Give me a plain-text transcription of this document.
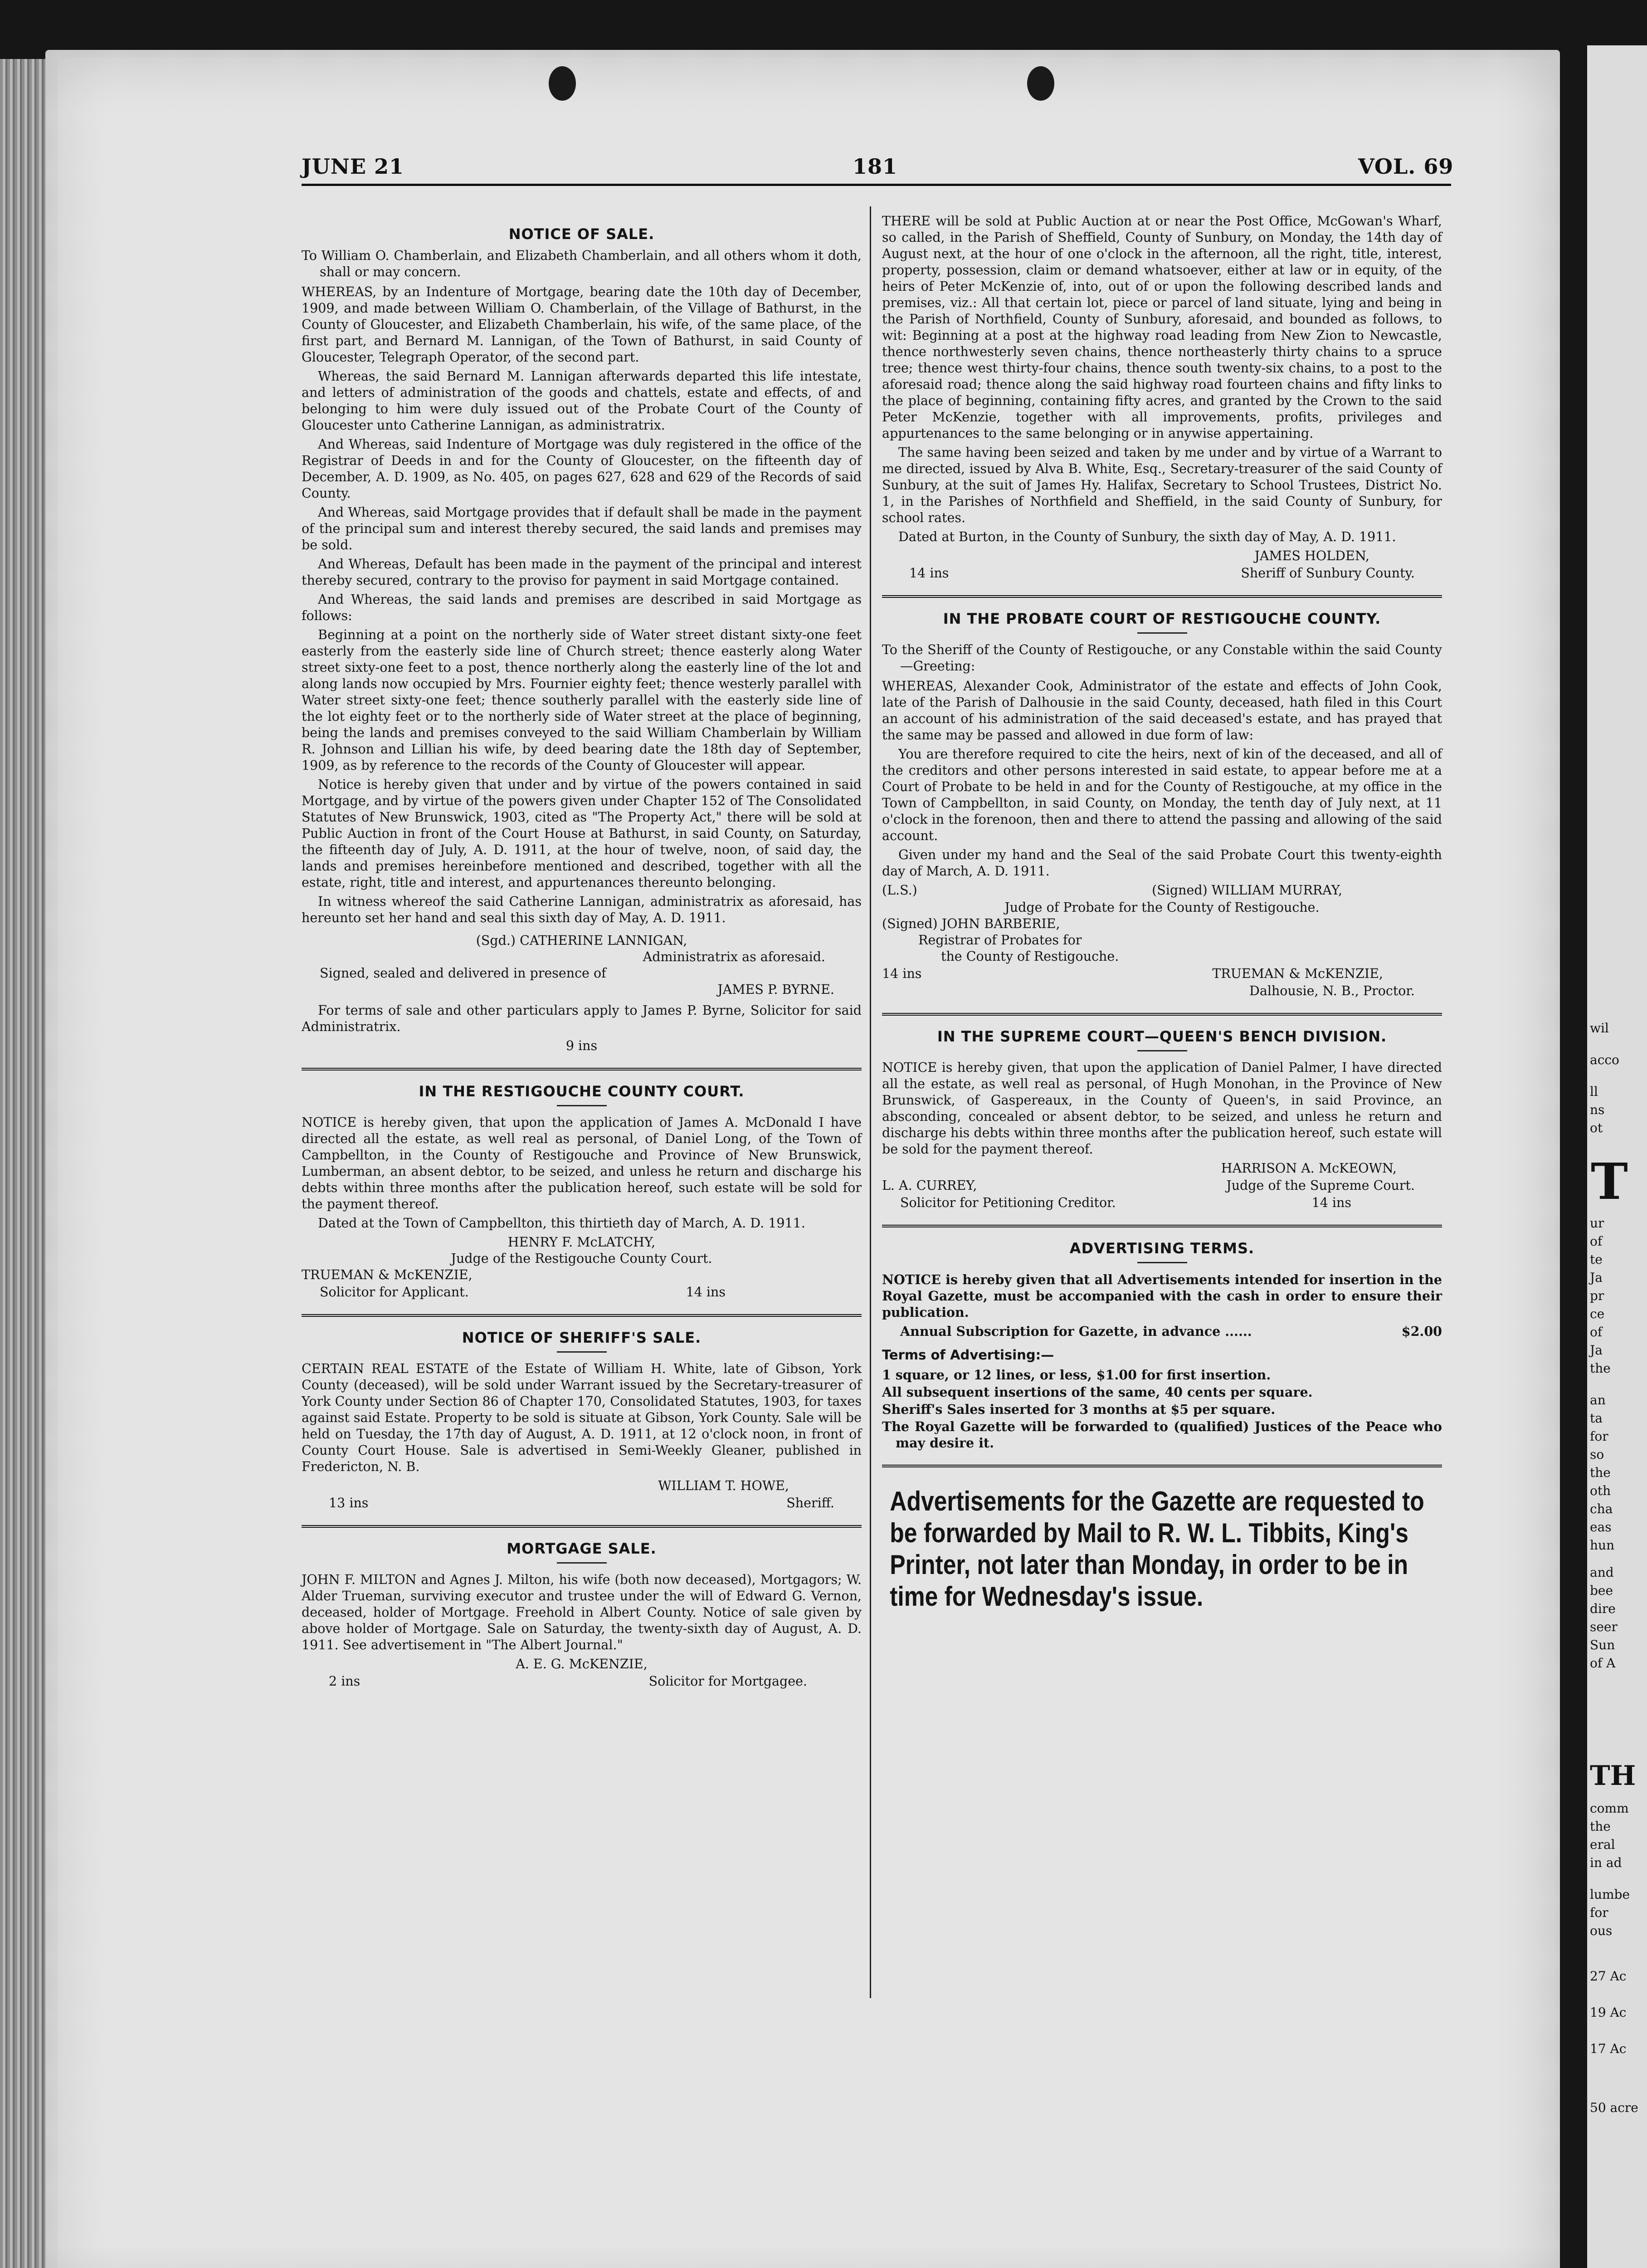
wil
acco
ll
ns
ot
T
ur
of
te
Ja
pr
ce
of
Ja
the
an
ta
for
so
the
oth
cha
eas
hun
and
bee
dire
seer
Sun
of A
TH
comm
the
eral
in ad
lumbe
for
ous
27 Ac
19 Ac
17 Ac
50 acre
JUNE 21	181	VOL. 69
NOTICE OF SALE.

To William O. Chamberlain, and Elizabeth Chamberlain, and all others whom it doth, shall or may concern.

WHEREAS, by an Indenture of Mortgage, bearing date the 10th day of December, 1909, and made between William O. Chamberlain, of the Village of Bathurst, in the County of Gloucester, and Elizabeth Chamberlain, his wife, of the same place, of the first part, and Bernard M. Lannigan, of the Town of Bathurst, in said County of Gloucester, Telegraph Operator, of the second part.

Whereas, the said Bernard M. Lannigan afterwards departed this life intestate, and letters of administration of the goods and chattels, estate and effects, of and belonging to him were duly issued out of the Probate Court of the County of Gloucester unto Catherine Lannigan, as administratrix.

And Whereas, said Indenture of Mortgage was duly registered in the office of the Registrar of Deeds in and for the County of Gloucester, on the fifteenth day of December, A. D. 1909, as No. 405, on pages 627, 628 and 629 of the Records of said County.

And Whereas, said Mortgage provides that if default shall be made in the payment of the principal sum and interest thereby secured, the said lands and premises may be sold.

And Whereas, Default has been made in the payment of the principal and interest thereby secured, contrary to the proviso for payment in said Mortgage contained.

And Whereas, the said lands and premises are described in said Mortgage as follows:

Beginning at a point on the northerly side of Water street distant sixty-one feet easterly from the easterly side line of Church street; thence easterly along Water street sixty-one feet to a post, thence northerly along the easterly line of the lot and along lands now occupied by Mrs. Fournier eighty feet; thence westerly parallel with Water street sixty-one feet; thence southerly parallel with the easterly side line of the lot eighty feet or to the northerly side of Water street at the place of beginning, being the lands and premises conveyed to the said William Chamberlain by William R. Johnson and Lillian his wife, by deed bearing date the 18th day of September, 1909, as by reference to the records of the County of Gloucester will appear.

Notice is hereby given that under and by virtue of the powers contained in said Mortgage, and by virtue of the powers given under Chapter 152 of The Consolidated Statutes of New Brunswick, 1903, cited as "The Property Act," there will be sold at Public Auction in front of the Court House at Bathurst, in said County, on Saturday, the fifteenth day of July, A. D. 1911, at the hour of twelve, noon, of said day, the lands and premises hereinbefore mentioned and described, together with all the estate, right, title and interest, and appurtenances thereunto belonging.

In witness whereof the said Catherine Lannigan, administratrix as aforesaid, has hereunto set her hand and seal this sixth day of May, A. D. 1911.

(Sgd.) CATHERINE LANNIGAN,
Administratrix as aforesaid.
Signed, sealed and delivered in presence of
JAMES P. BYRNE.

For terms of sale and other particulars apply to James P. Byrne, Solicitor for said Administratrix.

9 ins
IN THE RESTIGOUCHE COUNTY COURT.

NOTICE is hereby given, that upon the application of James A. McDonald I have directed all the estate, as well real as personal, of Daniel Long, of the Town of Campbellton, in the County of Restigouche and Province of New Brunswick, Lumberman, an absent debtor, to be seized, and unless he return and discharge his debts within three months after the publication hereof, such estate will be sold for the payment thereof.

Dated at the Town of Campbellton, this thirtieth day of March, A. D. 1911.

HENRY F. McLATCHY,
Judge of the Restigouche County Court.
TRUEMAN & McKENZIE,
Solicitor for Applicant.	14 ins
NOTICE OF SHERIFF'S SALE.

CERTAIN REAL ESTATE of the Estate of William H. White, late of Gibson, York County (deceased), will be sold under Warrant issued by the Secretary-treasurer of York County under Section 86 of Chapter 170, Consolidated Statutes, 1903, for taxes against said Estate. Property to be sold is situate at Gibson, York County. Sale will be held on Tuesday, the 17th day of August, A. D. 1911, at 12 o'clock noon, in front of County Court House. Sale is advertised in Semi-Weekly Gleaner, published in Fredericton, N. B.

WILLIAM T. HOWE,
13 ins	Sheriff.
MORTGAGE SALE.

JOHN F. MILTON and Agnes J. Milton, his wife (both now deceased), Mortgagors; W. Alder Trueman, surviving executor and trustee under the will of Edward G. Vernon, deceased, holder of Mortgage. Freehold in Albert County. Notice of sale given by above holder of Mortgage. Sale on Saturday, the twenty-sixth day of August, A. D. 1911. See advertisement in "The Albert Journal."

A. E. G. McKENZIE,
2 ins	Solicitor for Mortgagee.

THERE will be sold at Public Auction at or near the Post Office, McGowan's Wharf, so called, in the Parish of Sheffield, County of Sunbury, on Monday, the 14th day of August next, at the hour of one o'clock in the afternoon, all the right, title, interest, property, possession, claim or demand whatsoever, either at law or in equity, of the heirs of Peter McKenzie of, into, out of or upon the following described lands and premises, viz.: All that certain lot, piece or parcel of land situate, lying and being in the Parish of Northfield, County of Sunbury, aforesaid, and bounded as follows, to wit: Beginning at a post at the highway road leading from New Zion to Newcastle, thence northwesterly seven chains, thence northeasterly thirty chains to a spruce tree; thence west thirty-four chains, thence south twenty-six chains, to a post to the aforesaid road; thence along the said highway road fourteen chains and fifty links to the place of beginning, containing fifty acres, and granted by the Crown to the said Peter McKenzie, together with all improvements, profits, privileges and appurtenances to the same belonging or in anywise appertaining.

The same having been seized and taken by me under and by virtue of a Warrant to me directed, issued by Alva B. White, Esq., Secretary-treasurer of the said County of Sunbury, at the suit of James Hy. Halifax, Secretary to School Trustees, District No. 1, in the Parishes of Northfield and Sheffield, in the said County of Sunbury, for school rates.

Dated at Burton, in the County of Sunbury, the sixth day of May, A. D. 1911.

JAMES HOLDEN,
14 ins	Sheriff of Sunbury County.
IN THE PROBATE COURT OF RESTIGOUCHE COUNTY.

To the Sheriff of the County of Restigouche, or any Constable within the said County—Greeting:

WHEREAS, Alexander Cook, Administrator of the estate and effects of John Cook, late of the Parish of Dalhousie in the said County, deceased, hath filed in this Court an account of his administration of the said deceased's estate, and has prayed that the same may be passed and allowed in due form of law:

You are therefore required to cite the heirs, next of kin of the deceased, and all of the creditors and other persons interested in said estate, to appear before me at a Court of Probate to be held in and for the County of Restigouche, at my office in the Town of Campbellton, in said County, on Monday, the tenth day of July next, at 11 o'clock in the forenoon, then and there to attend the passing and allowing of the said account.

Given under my hand and the Seal of the said Probate Court this twenty-eighth day of March, A. D. 1911.

(L.S.)	(Signed) WILLIAM MURRAY,
Judge of Probate for the County of Restigouche.
(Signed) JOHN BARBERIE,
Registrar of Probates for
the County of Restigouche.
14 ins	TRUEMAN & McKENZIE,
Dalhousie, N. B., Proctor.
IN THE SUPREME COURT—QUEEN'S BENCH DIVISION.

NOTICE is hereby given, that upon the application of Daniel Palmer, I have directed all the estate, as well real as personal, of Hugh Monohan, in the Province of New Brunswick, of Gaspereaux, in the County of Queen's, in said Province, an absconding, concealed or absent debtor, to be seized, and unless he return and discharge his debts within three months after the publication hereof, such estate will be sold for the payment thereof.

HARRISON A. McKEOWN,
L. A. CURREY,	Judge of the Supreme Court.
Solicitor for Petitioning Creditor.	14 ins
ADVERTISING TERMS.

NOTICE is hereby given that all Advertisements intended for insertion in the Royal Gazette, must be accompanied with the cash in order to ensure their publication.

Annual Subscription for Gazette, in advance ......	$2.00
Terms of Advertising:—
1 square, or 12 lines, or less, $1.00 for first insertion.
All subsequent insertions of the same, 40 cents per square.
Sheriff's Sales inserted for 3 months at $5 per square.
The Royal Gazette will be forwarded to (qualified) Justices of the Peace who may desire it.
Advertisements for the Gazette are requested to be forwarded by Mail to R. W. L. Tibbits, King's Printer, not later than Monday, in order to be in time for Wednesday's issue.
